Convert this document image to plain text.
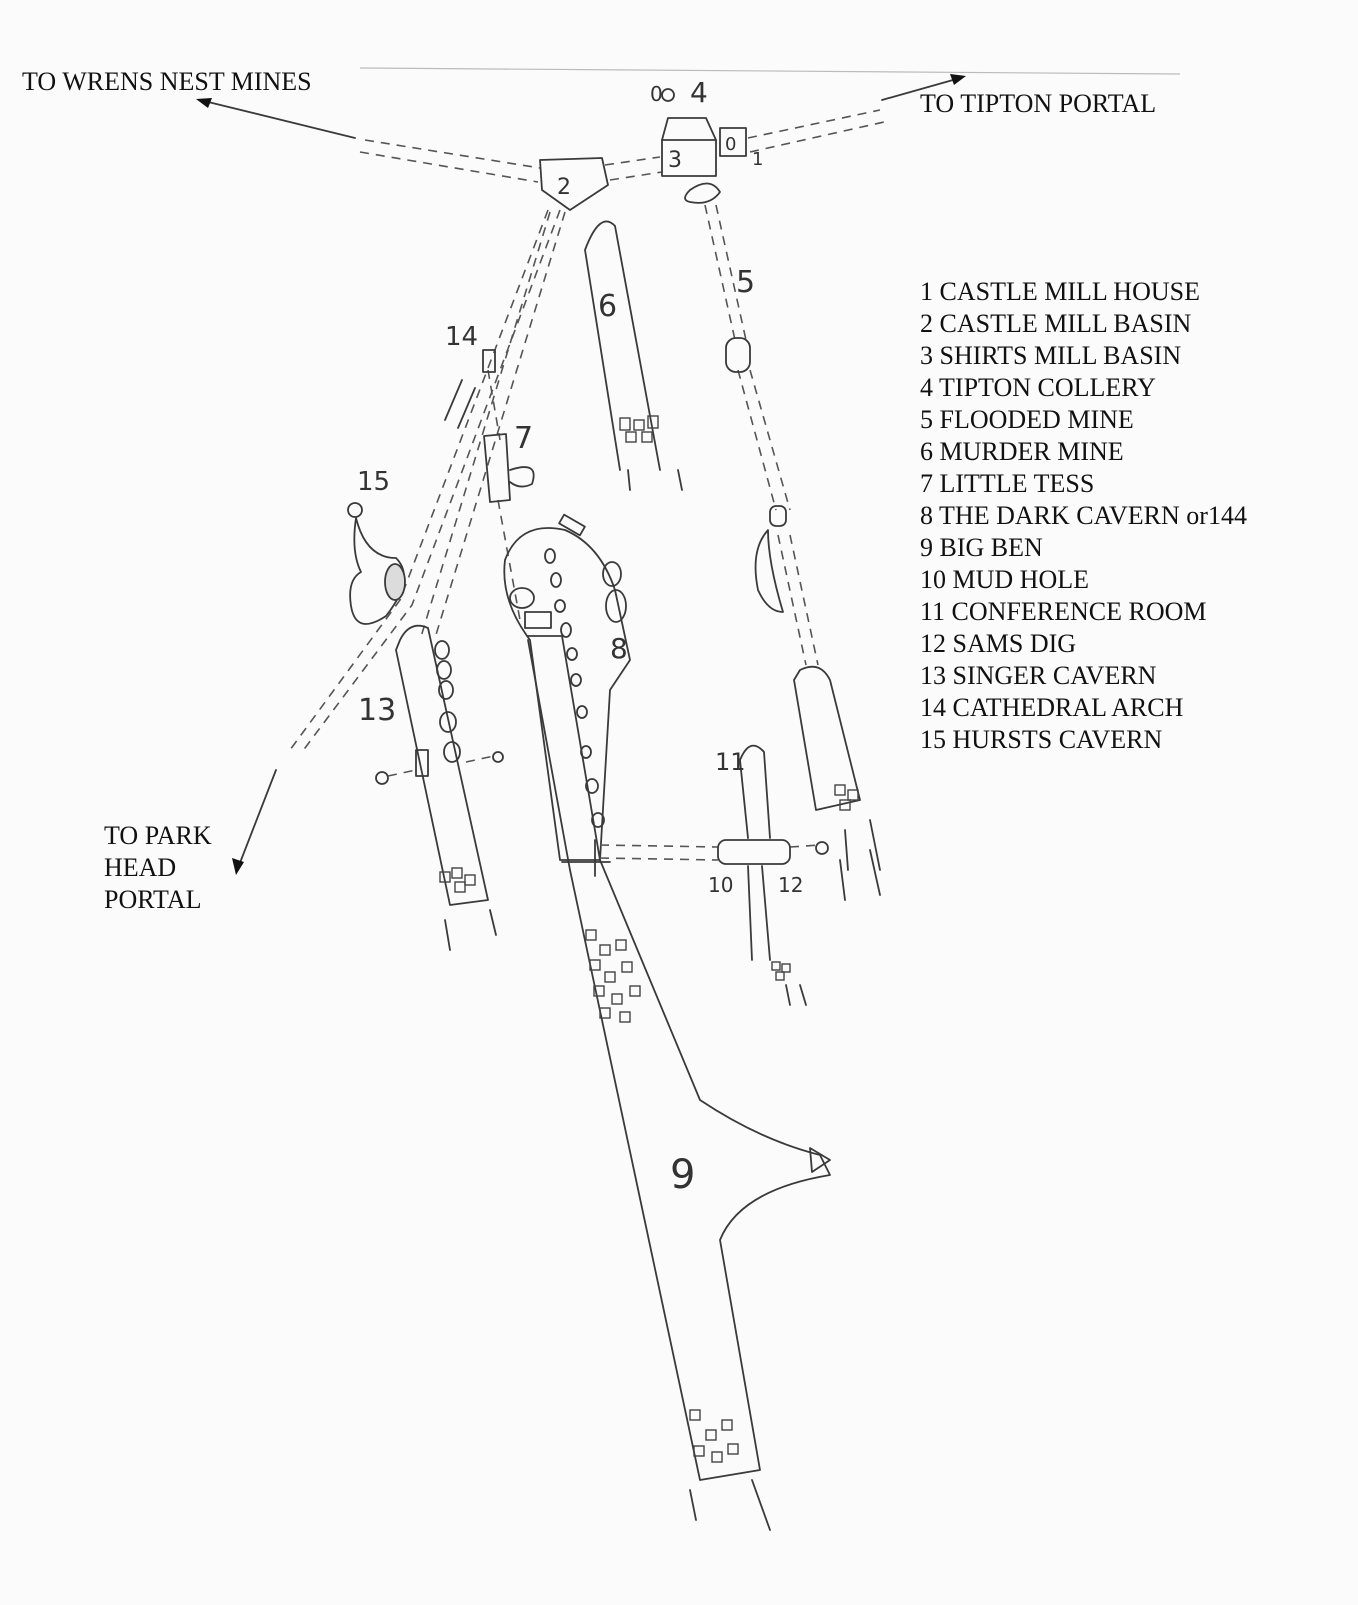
2
3
0
1
4
5
6
7
8
9
10
11
12
13
14
15
TO WRENS NEST MINES
TO TIPTON PORTAL
TO PARK
HEAD
PORTAL
1 CASTLE MILL HOUSE
2 CASTLE MILL BASIN
3 SHIRTS MILL BASIN
4 TIPTON COLLERY
5 FLOODED MINE
6 MURDER MINE
7 LITTLE TESS
8 THE DARK CAVERN or144
9 BIG BEN
10 MUD HOLE
11 CONFERENCE ROOM
12 SAMS DIG
13 SINGER CAVERN
14 CATHEDRAL ARCH
15 HURSTS CAVERN
0
